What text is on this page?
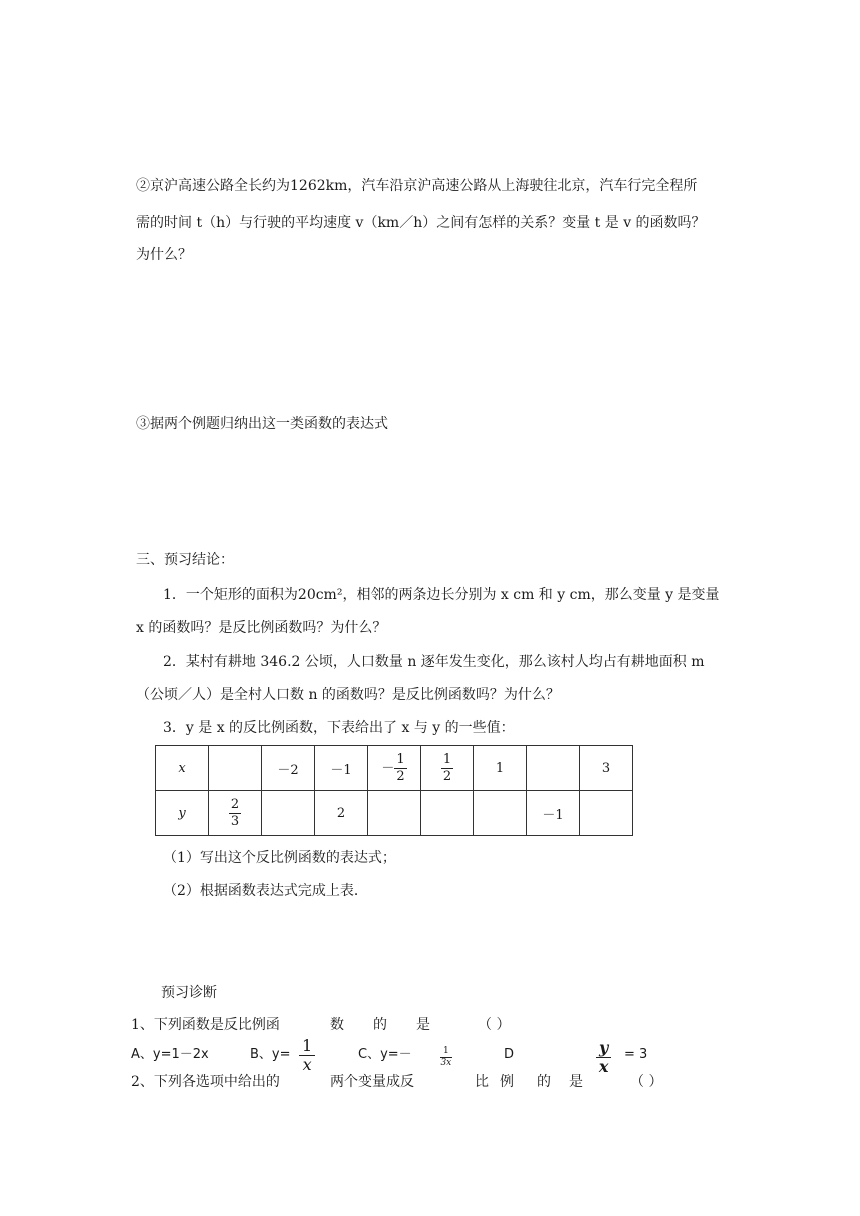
②京沪高速公路全长约为1262km，汽车沿京沪高速公路从上海驶往北京，汽车行完全程所
需的时间 t（h）与行驶的平均速度 v（km／h）之间有怎样的关系？变量 t 是 v 的函数吗？
为什么？
③据两个例题归纳出这一类函数的表达式
三、预习结论：
1．一个矩形的面积为20cm²，相邻的两条边长分别为 x cm 和 y cm，那么变量 y 是变量
x 的函数吗？是反比例函数吗？为什么？
2．某村有耕地 346.2 公顷，人口数量 n 逐年发生变化，那么该村人均占有耕地面积 m
（公顷／人）是全村人口数 n 的函数吗？是反比例函数吗？为什么？
3．y 是 x 的反比例函数，下表给出了 x 与 y 的一些值：
x		－2	－1	－ $\frac{1}{2}$	$\frac{1}{2}$	1		3
y	$\frac{2}{3}$		2				－1	
（1）写出这个反比例函数的表达式；
（2）根据函数表达式完成上表．
预习诊断
1、下列函数是反比例函	数 的 是	（ ）
A、y=1－2x	B、$y= \frac{1}{x}$	C、y=－	$\frac{1}{3x}$	D	$\frac{y}{x} = 3$
2、下列各选项中给出的	两个变量成反	比 例 的 是	（ ）
